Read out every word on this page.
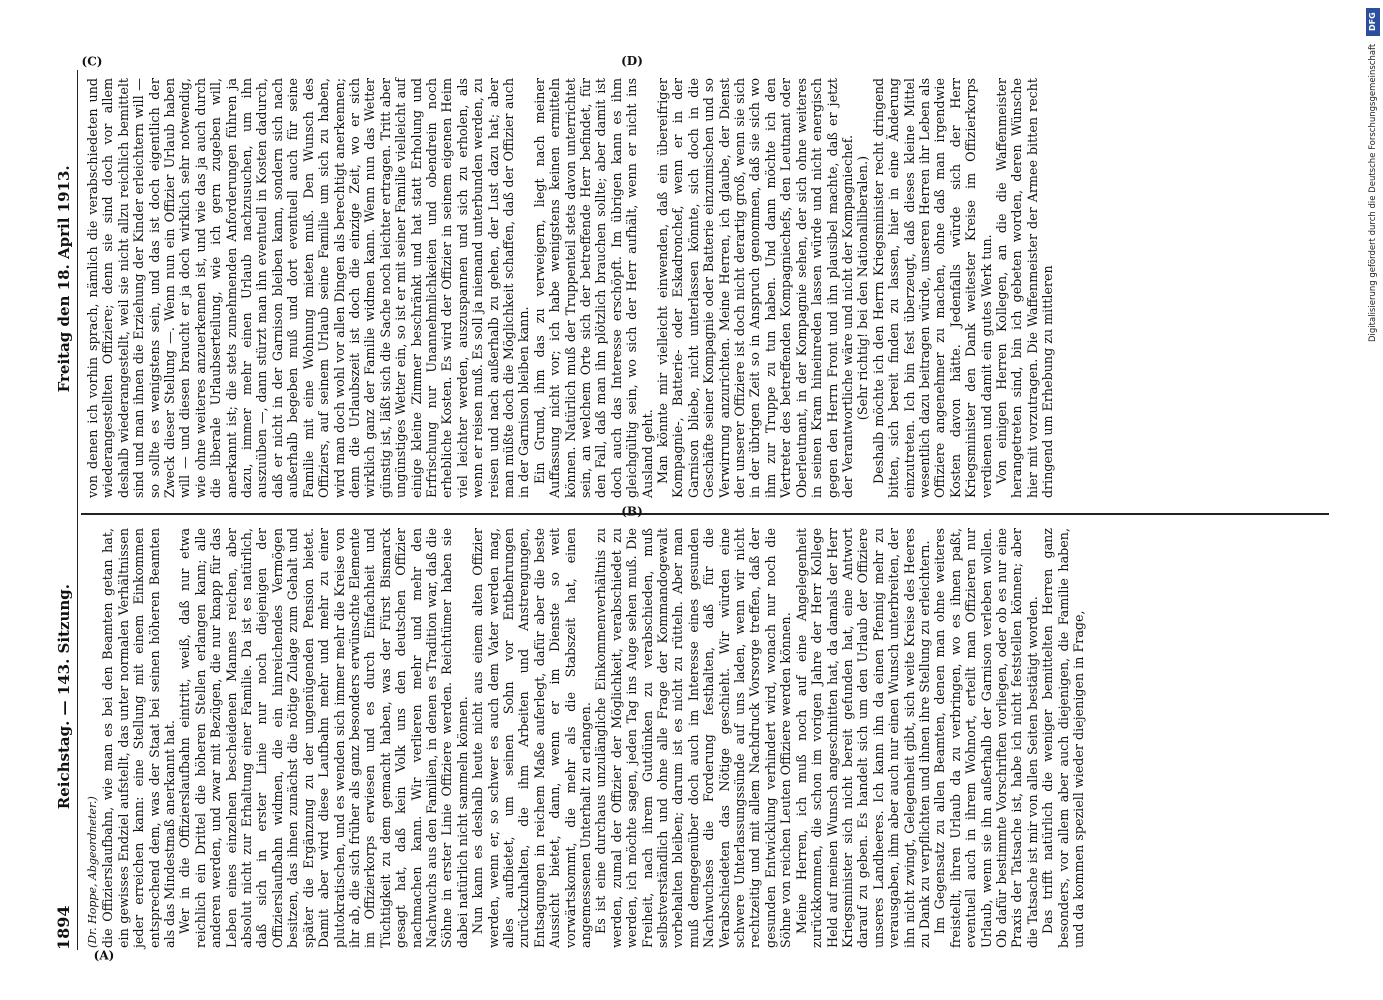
1894
Reichstag. — 143. Sitzung.
Freitag den 18. April 1913.
(A)
(B)
(C)	(D)

(Dr. Hoppe, Abgeordneter.) die Offizierslaufbahn, wie man es bei den Beamten getan hat, ein gewisses Endziel aufstellt, das unter normalen Verhältnissen jeder erreichen kann: eine Stellung mit einem Einkommen entsprechend dem, was der Staat bei seinen höheren Beamten als das Mindestmaß anerkannt hat. Wer in die Offizierslaufbahn eintritt, weiß, daß nur etwa reichlich ein Drittel die höheren Stellen erlangen kann; alle anderen werden, und zwar mit Bezügen, die nur knapp für das Leben eines einzelnen bescheidenen Mannes reichen, aber absolut nicht zur Erhaltung einer Familie. Da ist es natürlich, daß sich in erster Linie nur noch diejenigen der Offizierslaufbahn widmen, die ein hinreichendes Vermögen besitzen, das ihnen zunächst die nötige Zulage zum Gehalt und später die Ergänzung zu der ungenügenden Pension bietet. Damit aber wird diese Laufbahn mehr und mehr zu einer plutokratischen, und es wenden sich immer mehr die Kreise von ihr ab, die sich früher als ganz besonders erwünschte Elemente im Offizierkorps erwiesen und es durch Einfachheit und Tüchtigkeit zu dem gemacht haben, was der Fürst Bismarck gesagt hat, daß kein Volk uns den deutschen Offizier nachmachen kann. Wir verlieren mehr und mehr den Nachwuchs aus den Familien, in denen es Tradition war, daß die Söhne in erster Linie Offiziere werden. Reichtümer haben sie dabei natürlich nicht sammeln können. Nun kann es deshalb heute nicht aus einem alten Offizier werden, wenn er, so schwer es auch dem Vater werden mag, alles aufbietet, um seinen Sohn vor Entbehrungen zurückzuhalten, die ihm Arbeiten und Anstrengungen, Entsagungen in reichem Maße auferlegt, dafür aber die beste Aussicht bietet, dann, wenn er im Dienste so weit vorwärtskommt, die mehr als die Stabszeit hat, einen angemessenen Unterhalt zu erlangen. Es ist eine durchaus unzulängliche Einkommenverhältnis zu werden, zumal der Offizier der Möglichkeit, verabschiedet zu werden, ich möchte sagen, jeden Tag ins Auge sehen muß. Die Freiheit, nach ihrem Gutdünken zu verabschieden, muß selbstverständlich und ohne alle Frage der Kommandogewalt vorbehalten bleiben; darum ist es nicht zu rütteln. Aber man muß demgegenüber doch auch im Interesse eines gesunden Nachwuchses die Forderung festhalten, daß für die Verabschiedeten das Nötige geschieht. Wir würden eine schwere Unterlassungssünde auf uns laden, wenn wir nicht rechtzeitig und mit allem Nachdruck Vorsorge treffen, daß der gesunden Entwicklung verhindert wird, wonach nur noch die Söhne von reichen Leuten Offiziere werden können. Meine Herren, ich muß noch auf eine Angelegenheit zurückkommen, die schon im vorigen Jahre der Herr Kollege Held auf meinen Wunsch angeschnitten hat, da damals der Herr Kriegsminister sich nicht bereit gefunden hat, eine Antwort darauf zu geben. Es handelt sich um den Urlaub der Offiziere unseres Landheeres. Ich kann ihn da einen Pfennig mehr zu verausgaben, ihm aber auch nur einen Wunsch unterbreiten, der ihn nicht zwingt, Gelegenheit gibt, sich weite Kreise des Heeres zu Dank zu verpflichten und ihnen ihre Stellung zu erleichtern. Im Gegensatz zu allen Beamten, denen man ohne weiteres freistellt, ihren Urlaub da zu verbringen, wo es ihnen paßt, eventuell auch in ihrem Wohnort, erteilt man Offizieren nur Urlaub, wenn sie ihn außerhalb der Garnison verleben wollen. Ob dafür bestimmte Vorschriften vorliegen, oder ob es nur eine Praxis der Tatsache ist, habe ich nicht feststellen können; aber die Tatsache ist mir von allen Seiten bestätigt worden. Das trifft natürlich die weniger bemittelten Herren ganz besonders, vor allem aber auch diejenigen, die Familie haben, und da kommen speziell wieder diejenigen in Frage,

von denen ich vorhin sprach, nämlich die verabschiedeten und wiederangestellten Offiziere; denn sie sind doch vor allem deshalb wiederangestellt, weil sie nicht allzu reichlich bemittelt sind und man ihnen die Erziehung der Kinder erleichtern will — so sollte es wenigstens sein, und das ist doch eigentlich der Zweck dieser Stellung —. Wenn nun ein Offizier Urlaub haben will — und diesen braucht er ja doch wirklich sehr notwendig, wie ohne weiteres anzuerkennen ist, und wie das ja auch durch die liberale Urlaubserteilung, wie ich gern zugeben will, anerkannt ist; die stets zunehmenden Anforderungen führen ja dazu, immer mehr einen Urlaub nachzusuchen, um ihn auszuüben —, dann stürzt man ihn eventuell in Kosten dadurch, daß er nicht in der Garnison bleiben kann, sondern sich nach außerhalb begeben muß und dort eventuell auch für seine Familie mit eine Wohnung mieten muß. Den Wunsch des Offiziers, auf seinem Urlaub seine Familie um sich zu haben, wird man doch wohl vor allen Dingen als berechtigt anerkennen; denn die Urlaubszeit ist doch die einzige Zeit, wo er sich wirklich ganz der Familie widmen kann. Wenn nun das Wetter günstig ist, läßt sich die Sache noch leichter ertragen. Tritt aber ungünstiges Wetter ein, so ist er mit seiner Familie vielleicht auf einige kleine Zimmer beschränkt und hat statt Erholung und Erfrischung nur Unannehmlichkeiten und obendrein noch erhebliche Kosten. Es wird der Offizier in seinem eigenen Heim viel leichter werden, auszuspannen und sich zu erholen, als wenn er reisen muß. Es soll ja niemand unterbunden werden, zu reisen und nach außerhalb zu gehen, der Lust dazu hat; aber man müßte doch die Möglichkeit schaffen, daß der Offizier auch in der Garnison bleiben kann. Ein Grund, ihm das zu verweigern, liegt nach meiner Auffassung nicht vor; ich habe wenigstens keinen ermitteln können. Natürlich muß der Truppenteil stets davon unterrichtet sein, an welchem Orte sich der betreffende Herr befindet, für den Fall, daß man ihn plötzlich brauchen sollte; aber damit ist doch auch das Interesse erschöpft. Im übrigen kann es ihm gleichgültig sein, wo sich der Herr aufhält, wenn er nicht ins Ausland geht. Man könnte mir vielleicht einwenden, daß ein übereifriger Kompagnie-, Batterie- oder Eskadronchef, wenn er in der Garnison bliebe, nicht unterlassen könnte, sich doch in die Geschäfte seiner Kompagnie oder Batterie einzumischen und so Verwirrung anzurichten. Meine Herren, ich glaube, der Dienst der unserer Offiziere ist doch nicht derartig groß, wenn sie sich in der übrigen Zeit so in Anspruch genommen, daß sie sich wo ihm zur Truppe zu tun haben. Und dann möchte ich den Vertreter des betreffenden Kompagniechefs, den Leutnant oder Oberleutnant, in der Kompagnie sehen, der sich ohne weiteres in seinen Kram hineinreden lassen würde und nicht energisch gegen den Herrn Front und ihn plausibel machte, daß er jetzt der Verantwortliche wäre und nicht der Kompagniechef. (Sehr richtig! bei den Nationalliberalen.) Deshalb möchte ich den Herrn Kriegsminister recht dringend bitten, sich bereit finden zu lassen, hier in eine Änderung einzutreten. Ich bin fest überzeugt, daß dieses kleine Mittel wesentlich dazu beitragen würde, unseren Herren ihr Leben als Offiziere angenehmer zu machen, ohne daß man irgendwie Kosten davon hätte. Jedenfalls würde sich der Herr Kriegsminister den Dank weitester Kreise im Offizierkorps verdienen und damit ein gutes Werk tun. Von einigen Herren Kollegen, an die die Waffenmeister herangetreten sind, bin ich gebeten worden, deren Wünsche hier mit vorzutragen. Die Waffenmeister der Armee bitten recht dringend um Erhebung zu mittleren

DFG
Digitalisierung gefördert durch die Deutsche Forschungsgemeinschaft
